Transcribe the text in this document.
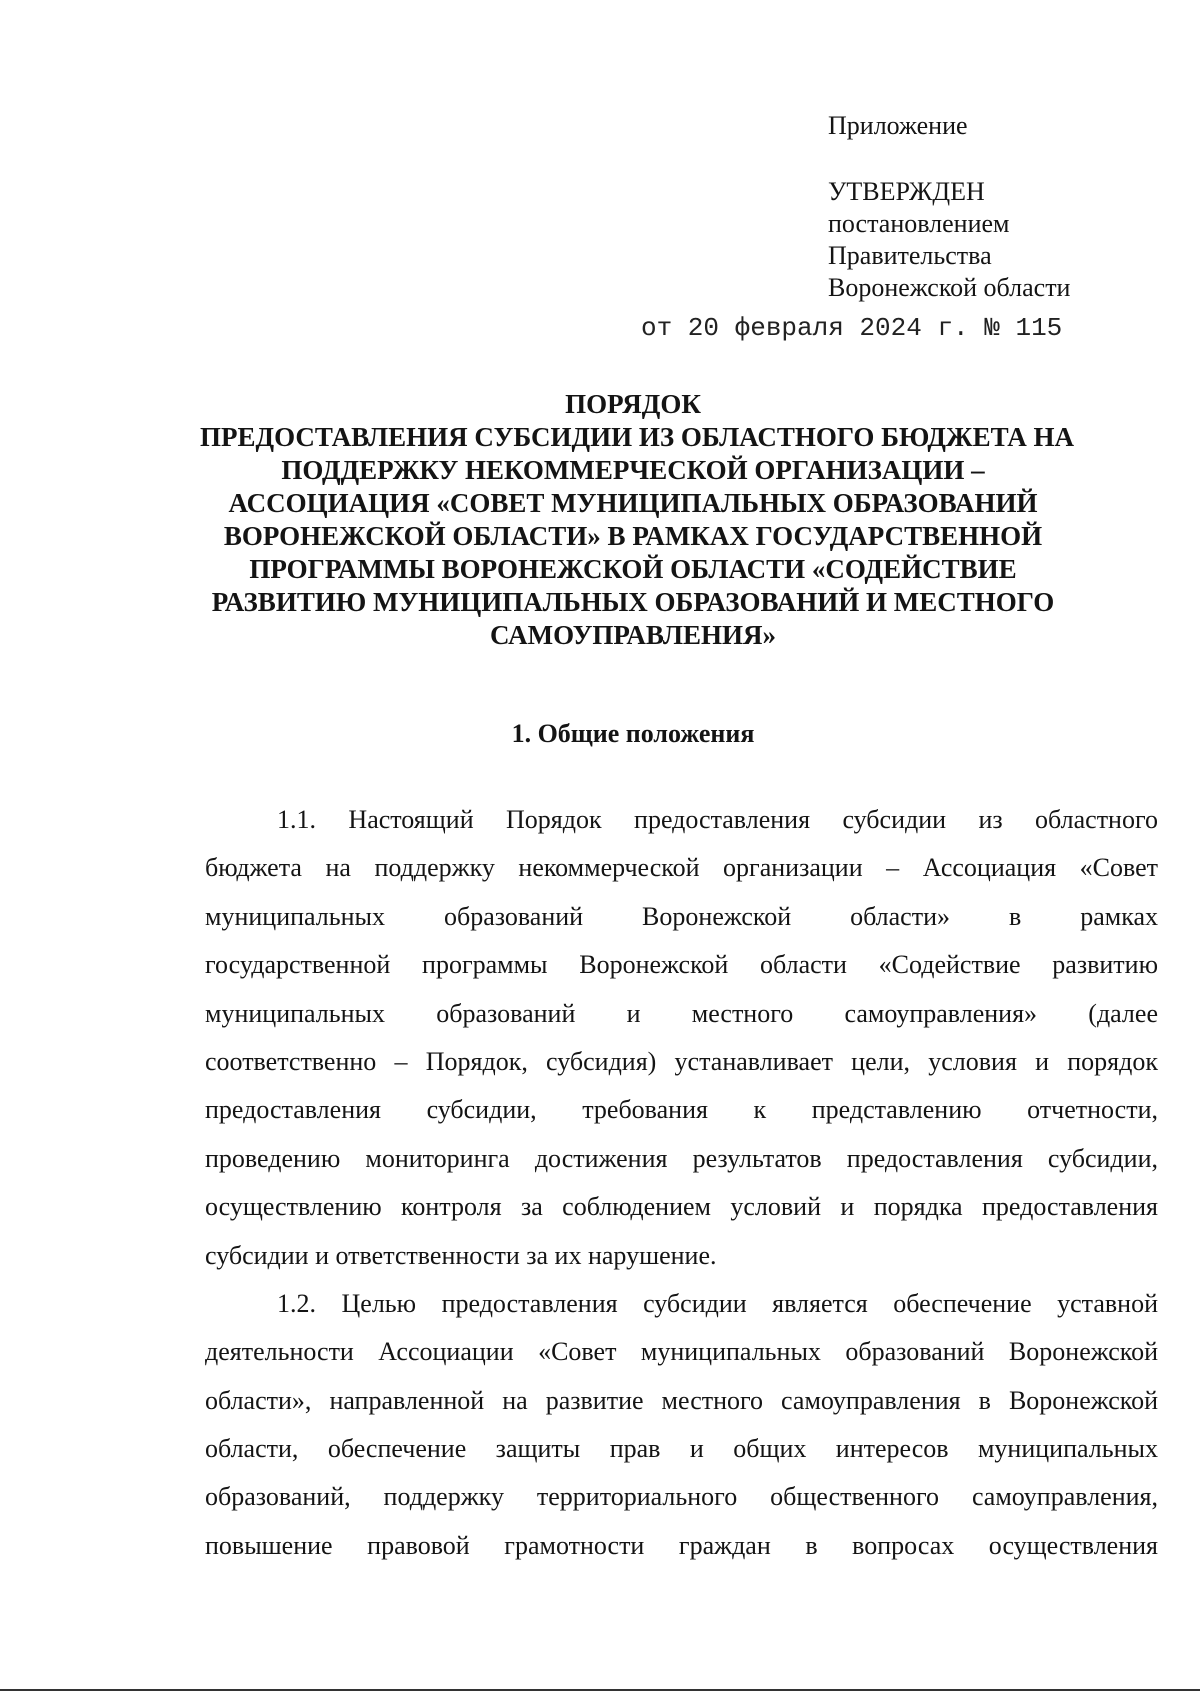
Приложение
УТВЕРЖДЕН
постановлением
Правительства
Воронежской области
от 20 февраля 2024 г. № 115
ПОРЯДОК
ПРЕДОСТАВЛЕНИЯ СУБСИДИИ ИЗ ОБЛАСТНОГО БЮДЖЕТА НА
ПОДДЕРЖКУ НЕКОММЕРЧЕСКОЙ ОРГАНИЗАЦИИ –
АССОЦИАЦИЯ «СОВЕТ МУНИЦИПАЛЬНЫХ ОБРАЗОВАНИЙ
ВОРОНЕЖСКОЙ ОБЛАСТИ» В РАМКАХ ГОСУДАРСТВЕННОЙ
ПРОГРАММЫ ВОРОНЕЖСКОЙ ОБЛАСТИ «СОДЕЙСТВИЕ
РАЗВИТИЮ МУНИЦИПАЛЬНЫХ ОБРАЗОВАНИЙ И МЕСТНОГО
САМОУПРАВЛЕНИЯ»
1. Общие положения
1.1. Настоящий Порядок предоставления субсидии из областного
бюджета на поддержку некоммерческой организации – Ассоциация «Совет
муниципальных образований Воронежской области» в рамках
государственной программы Воронежской области «Содействие развитию
муниципальных образований и местного самоуправления» (далее
соответственно – Порядок, субсидия) устанавливает цели, условия и порядок
предоставления субсидии, требования к представлению отчетности,
проведению мониторинга достижения результатов предоставления субсидии,
осуществлению контроля за соблюдением условий и порядка предоставления
субсидии и ответственности за их нарушение.
1.2. Целью предоставления субсидии является обеспечение уставной
деятельности Ассоциации «Совет муниципальных образований Воронежской
области», направленной на развитие местного самоуправления в Воронежской
области, обеспечение защиты прав и общих интересов муниципальных
образований, поддержку территориального общественного самоуправления,
повышение правовой грамотности граждан в вопросах осуществления
